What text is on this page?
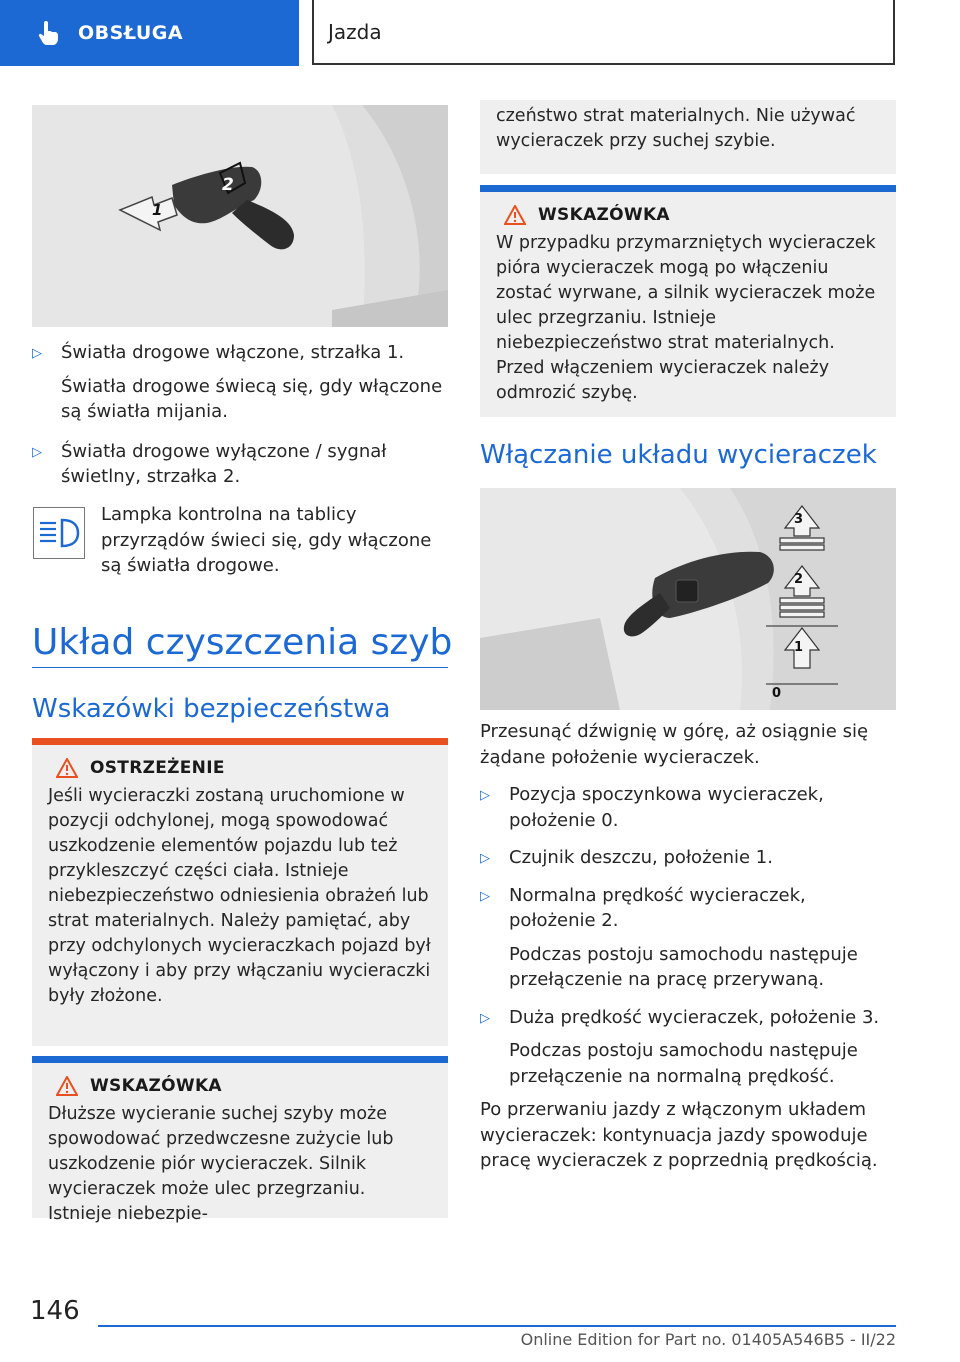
OBSŁUGA	Jazda
2
1
▷ Światła drogowe włączone, strzałka 1.
Światła drogowe świecą się, gdy włączone są światła mijania.
▷ Światła drogowe wyłączone / sygnał świetlny, strzałka 2.
Lampka kontrolna na tablicy przyrządów świeci się, gdy włączone są światła drogowe.
Układ czyszczenia szyb
Wskazówki bezpieczeństwa
OSTRZEŻENIE
Jeśli wycieraczki zostaną uruchomione w pozycji odchylonej, mogą spowodować uszkodzenie elementów pojazdu lub też przykleszczyć części ciała. Istnieje niebezpieczeństwo odniesienia obrażeń lub strat materialnych. Należy pamiętać, aby przy odchylonych wycieraczkach pojazd był wyłączony i aby przy włączaniu wycieraczki były złożone.
WSKAZÓWKA
Dłuższe wycieranie suchej szyby może spowodować przedwczesne zużycie lub uszkodzenie piór wycieraczek. Silnik wycieraczek może ulec przegrzaniu. Istnieje niebezpie-
czeństwo strat materialnych. Nie używać wycieraczek przy suchej szybie.
WSKAZÓWKA
W przypadku przymarzniętych wycieraczek pióra wycieraczek mogą po włączeniu zostać wyrwane, a silnik wycieraczek może ulec przegrzaniu. Istnieje niebezpieczeństwo strat materialnych. Przed włączeniem wycieraczek należy odmrozić szybę.
Włączanie układu wycieraczek
3
2
1
0
Przesunąć dźwignię w górę, aż osiągnie się żądane położenie wycieraczek.
▷ Pozycja spoczynkowa wycieraczek, położenie 0.
▷ Czujnik deszczu, położenie 1.
▷ Normalna prędkość wycieraczek, położenie 2.
Podczas postoju samochodu następuje przełączenie na pracę przerywaną.
▷ Duża prędkość wycieraczek, położenie 3.
Podczas postoju samochodu następuje przełączenie na normalną prędkość.
Po przerwaniu jazdy z włączonym układem wycieraczek: kontynuacja jazdy spowoduje pracę wycieraczek z poprzednią prędkością.
146
Online Edition for Part no. 01405A546B5 - II/22
